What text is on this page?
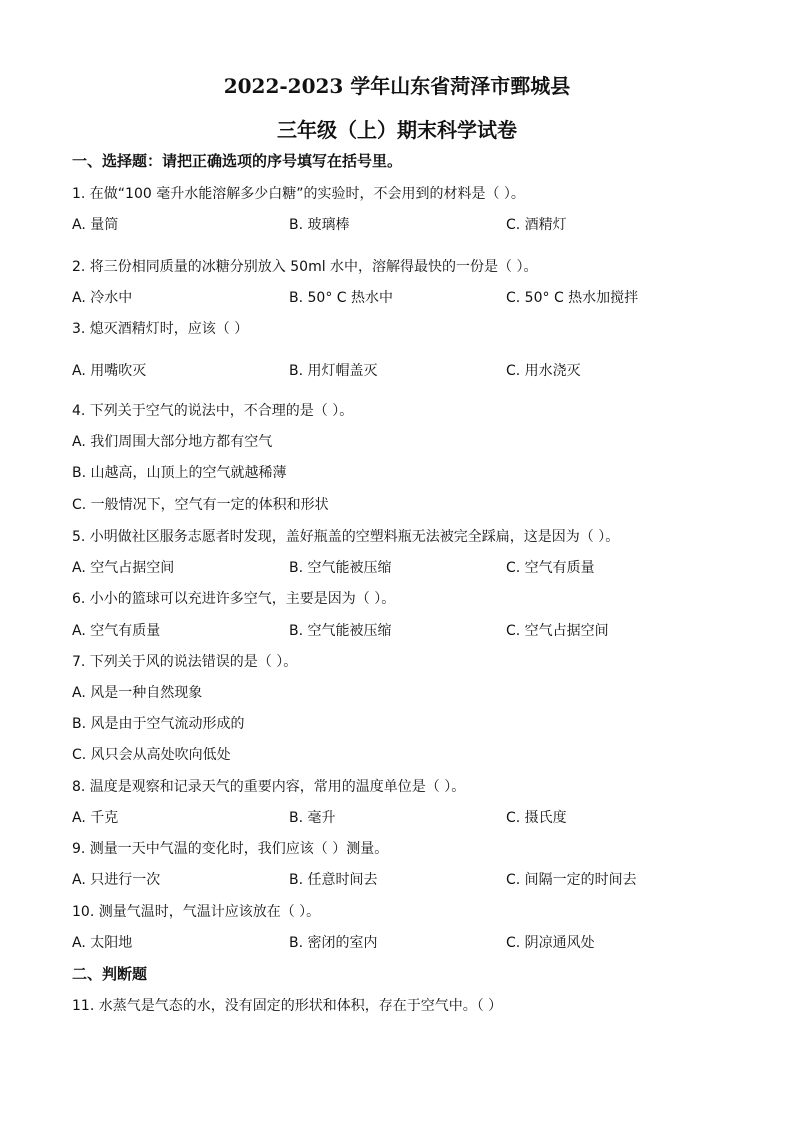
2022-2023 学年山东省菏泽市鄄城县
三年级（上）期末科学试卷
一、选择题：请把正确选项的序号填写在括号里。
1. 在做“100 毫升水能溶解多少白糖”的实验时，不会用到的材料是（ ）。
A. 量筒	B. 玻璃棒	C. 酒精灯
2. 将三份相同质量的冰糖分别放入 50ml 水中，溶解得最快的一份是（ ）。
A. 冷水中	B. 50° C 热水中	C. 50° C 热水加搅拌
3. 熄灭酒精灯时，应该（ ）
A. 用嘴吹灭	B. 用灯帽盖灭	C. 用水浇灭
4. 下列关于空气的说法中，不合理的是（ ）。
A. 我们周围大部分地方都有空气
B. 山越高，山顶上的空气就越稀薄
C. 一般情况下，空气有一定的体积和形状
5. 小明做社区服务志愿者时发现，盖好瓶盖的空塑料瓶无法被完全踩扁，这是因为（ ）。
A. 空气占据空间	B. 空气能被压缩	C. 空气有质量
6. 小小的篮球可以充进许多空气，主要是因为（ ）。
A. 空气有质量	B. 空气能被压缩	C. 空气占据空间
7. 下列关于风的说法错误的是（ ）。
A. 风是一种自然现象
B. 风是由于空气流动形成的
C. 风只会从高处吹向低处
8. 温度是观察和记录天气的重要内容，常用的温度单位是（ ）。
A. 千克	B. 毫升	C. 摄氏度
9. 测量一天中气温的变化时，我们应该（ ）测量。
A. 只进行一次	B. 任意时间去	C. 间隔一定的时间去
10. 测量气温时，气温计应该放在（ ）。
A. 太阳地	B. 密闭的室内	C. 阴凉通风处
二、判断题
11. 水蒸气是气态的水，没有固定的形状和体积，存在于空气中。（ ）
